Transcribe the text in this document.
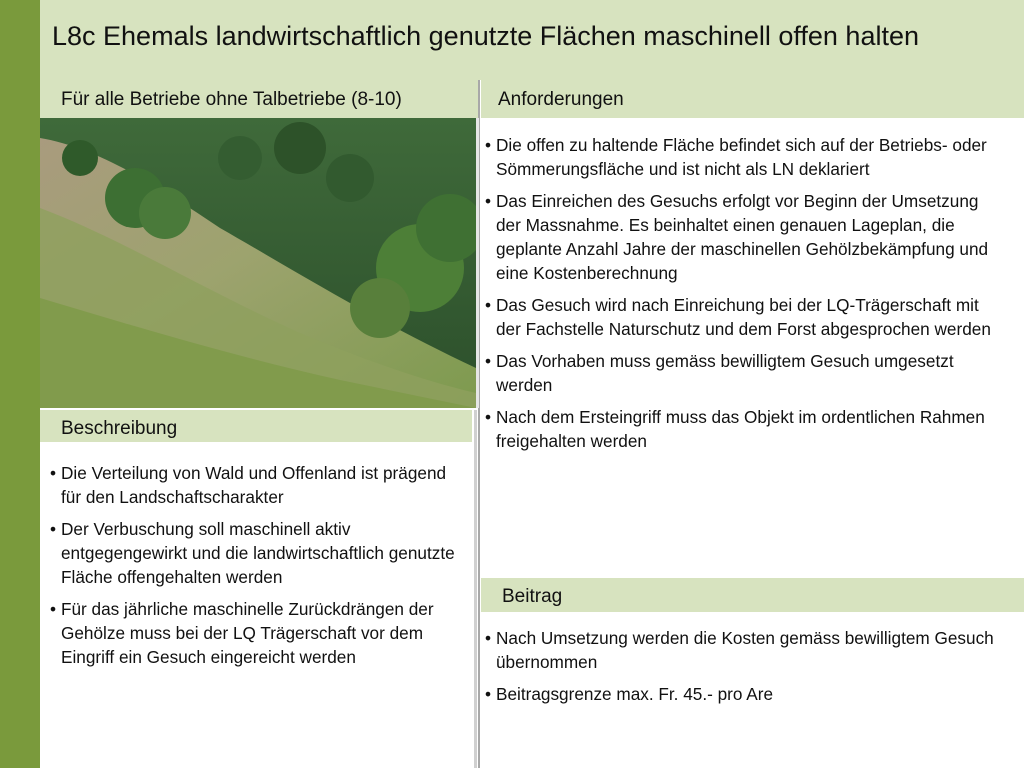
L8c Ehemals landwirtschaftlich genutzte Flächen maschinell offen halten
Für alle Betriebe ohne Talbetriebe (8-10)	Anforderungen
Beschreibung
• Die offen zu haltende Fläche befindet sich auf der Betriebs- oder Sömmerungsfläche und ist nicht als LN deklariert
• Das Einreichen des Gesuchs erfolgt vor Beginn der Umsetzung der Massnahme. Es beinhaltet einen genauen Lageplan, die geplante Anzahl Jahre der maschinellen Gehölzbekämpfung und eine Kostenberechnung
• Das Gesuch wird nach Einreichung bei der LQ-Trägerschaft mit der Fachstelle Naturschutz und dem Forst abgesprochen werden
• Das Vorhaben muss gemäss bewilligtem Gesuch umgesetzt werden
• Nach dem Ersteingriff muss das Objekt im ordentlichen Rahmen freigehalten werden
• Die Verteilung von Wald und Offenland ist prägend für den Landschaftscharakter
• Der Verbuschung soll maschinell aktiv entgegengewirkt und die landwirtschaftlich genutzte Fläche offengehalten werden
• Für das jährliche maschinelle Zurückdrängen der Gehölze muss bei der LQ Trägerschaft vor dem Eingriff ein Gesuch eingereicht werden
Beitrag
• Nach Umsetzung werden die Kosten gemäss bewilligtem Gesuch übernommen
• Beitragsgrenze max. Fr. 45.- pro Are
